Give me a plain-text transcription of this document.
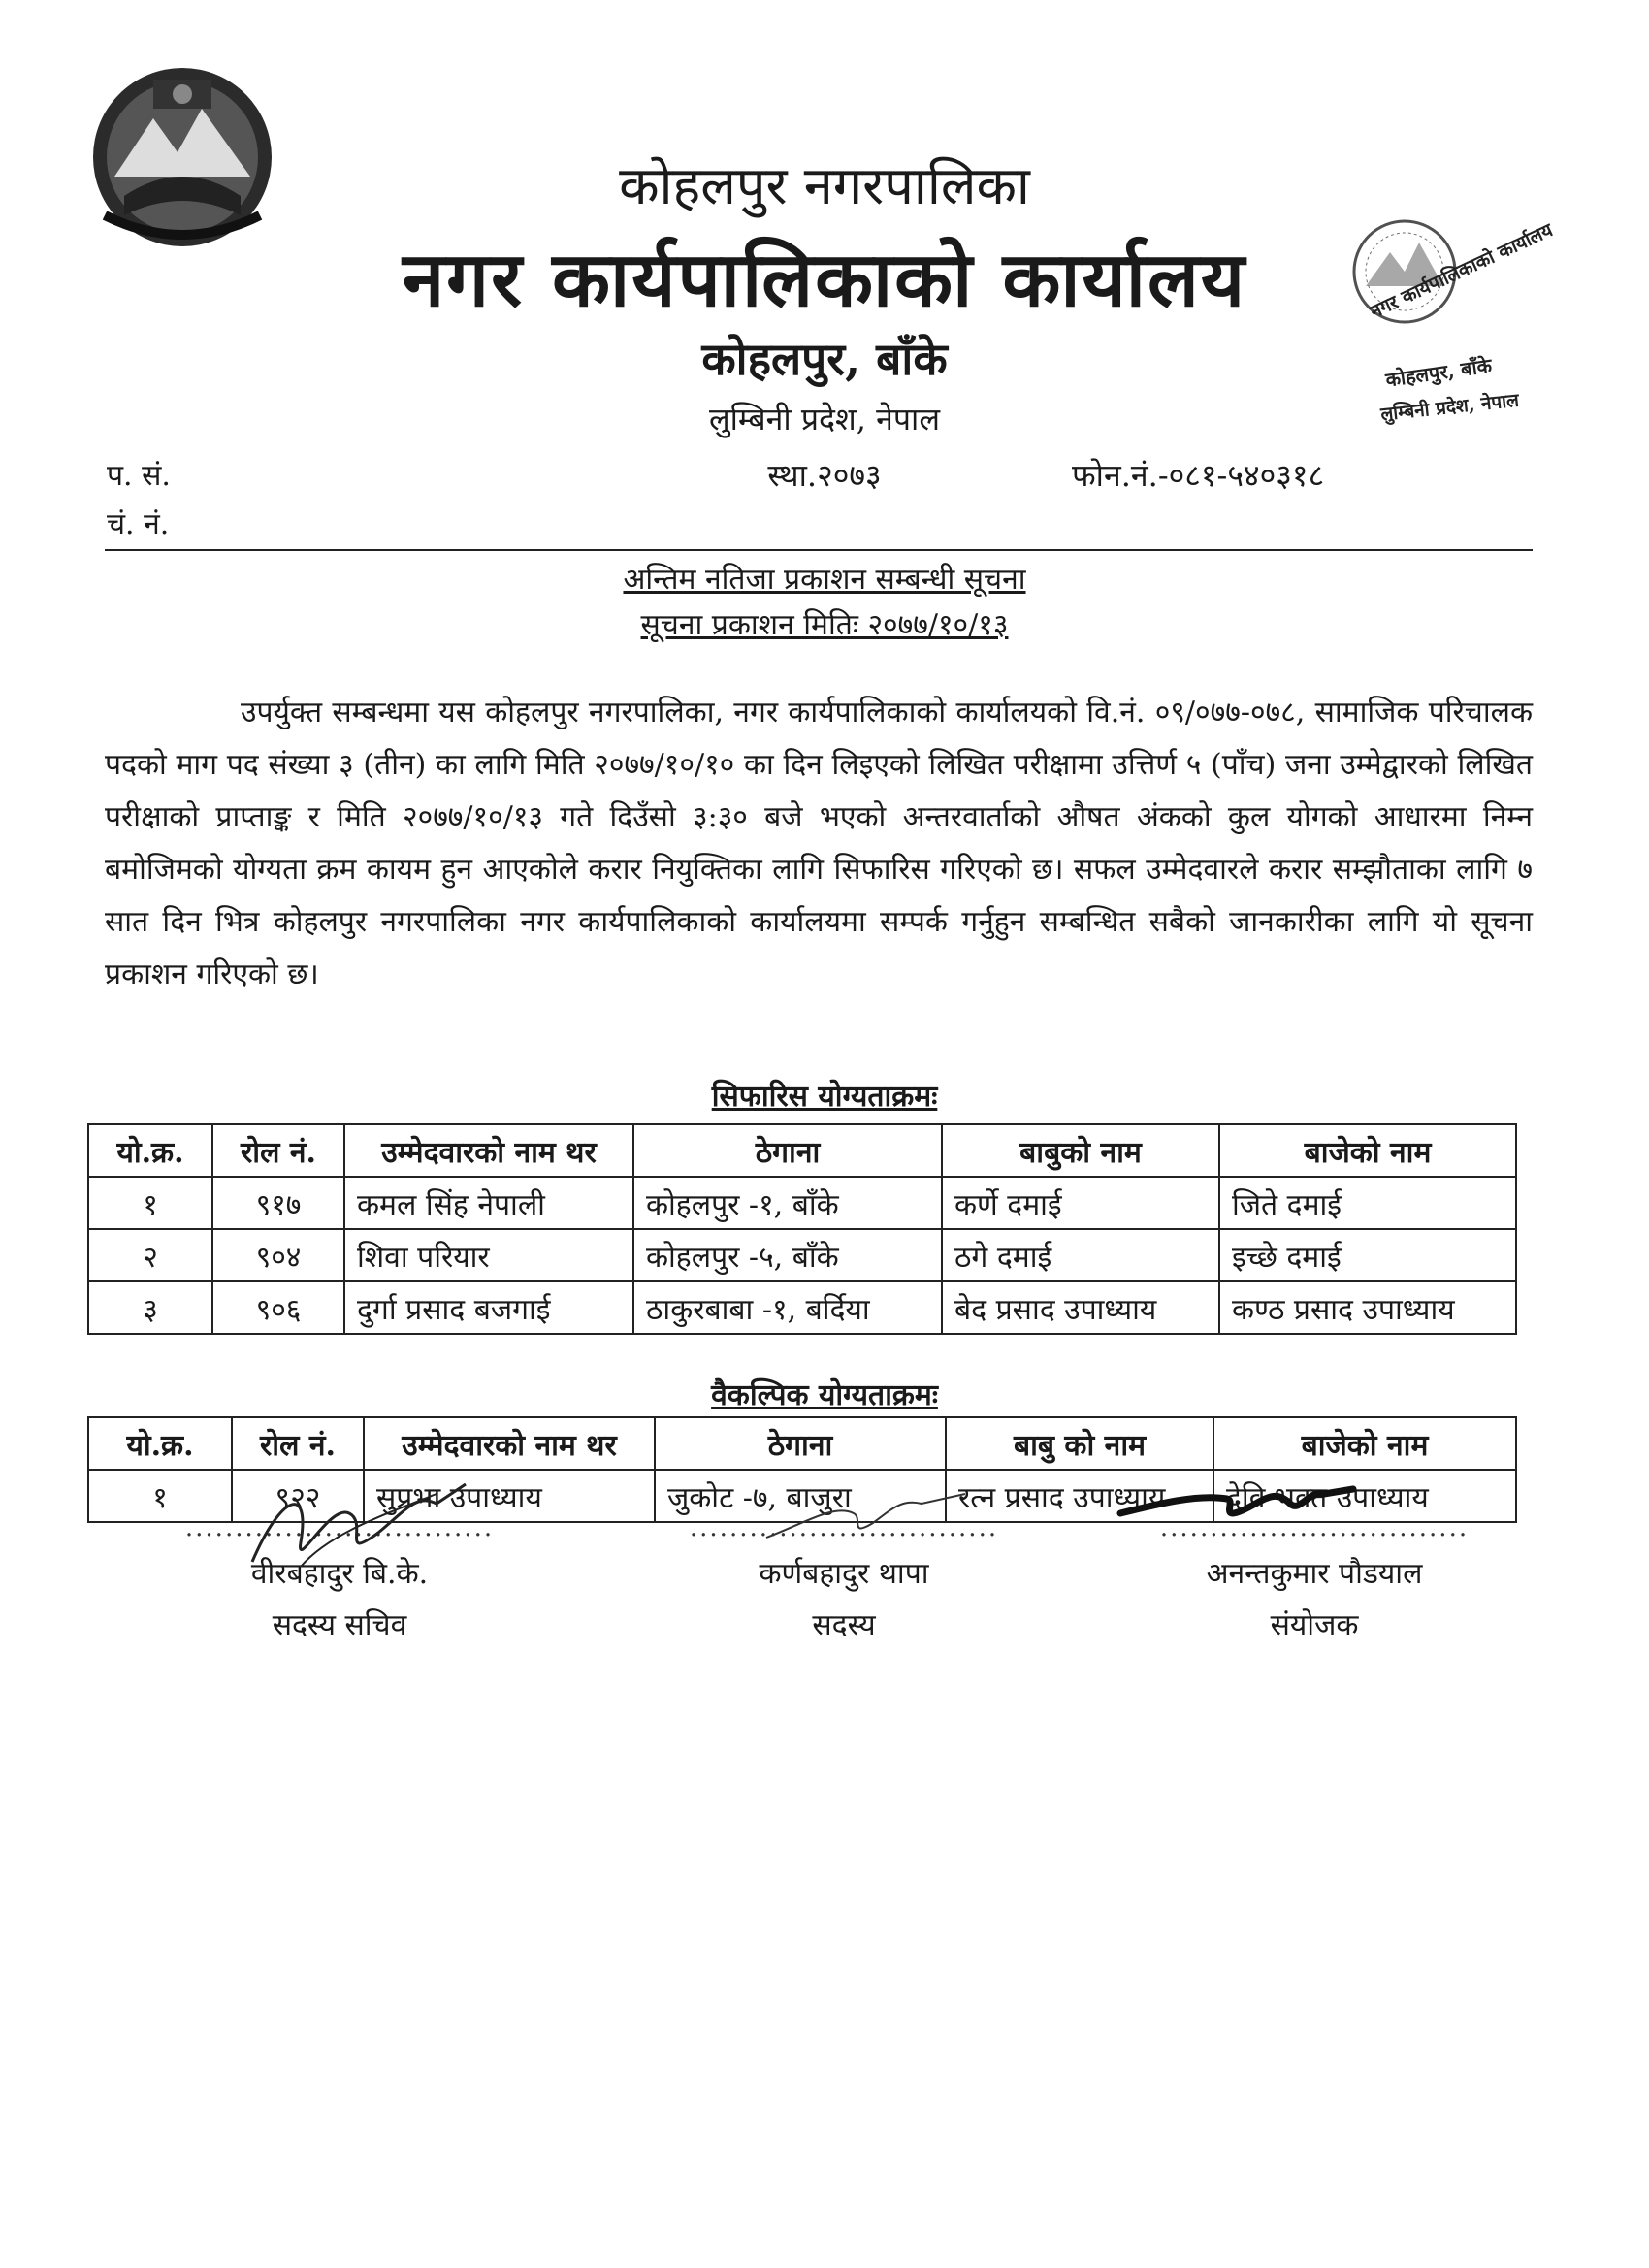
नगर कार्यपालिकाको कार्यालय
कोहलपुर, बाँके
लुम्बिनी प्रदेश, नेपाल
कोहलपुर नगरपालिका
नगर कार्यपालिकाको कार्यालय
कोहलपुर, बाँके
लुम्बिनी प्रदेश, नेपाल
प. सं.
चं. नं.
स्था.२०७३	फोन.नं.-०८१-५४०३१८
अन्तिम नतिजा प्रकाशन सम्बन्धी सूचना
सूचना प्रकाशन मितिः २०७७/१०/१३
उपर्युक्त सम्बन्धमा यस कोहलपुर नगरपालिका, नगर कार्यपालिकाको कार्यालयको वि.नं. ०९/०७७-०७८, सामाजिक परिचालक पदको माग पद संख्या ३ (तीन) का लागि मिति २०७७/१०/१० का दिन लिइएको लिखित परीक्षामा उत्तिर्ण ५ (पाँच) जना उम्मेद्वारको लिखित परीक्षाको प्राप्ताङ्क र मिति २०७७/१०/१३ गते दिउँसो ३:३० बजे भएको अन्तरवार्ताको औषत अंकको कुल योगको आधारमा निम्न बमोजिमको योग्यता क्रम कायम हुन आएकोले करार नियुक्तिका लागि सिफारिस गरिएको छ। सफल उम्मेदवारले करार सम्झौताका लागि ७ सात दिन भित्र कोहलपुर नगरपालिका नगर कार्यपालिकाको कार्यालयमा सम्पर्क गर्नुहुन सम्बन्धित सबैको जानकारीका लागि यो सूचना प्रकाशन गरिएको छ।
सिफारिस योग्यताक्रमः
यो.क्र.	रोल नं.	उम्मेदवारको नाम थर	ठेगाना	बाबुको नाम	बाजेको नाम
१	९१७	कमल सिंह नेपाली	कोहलपुर -१, बाँके	कर्णे दमाई	जिते दमाई
२	९०४	शिवा परियार	कोहलपुर -५, बाँके	ठगे दमाई	इच्छे दमाई
३	९०६	दुर्गा प्रसाद बजगाई	ठाकुरबाबा -१, बर्दिया	बेद प्रसाद उपाध्याय	कण्ठ प्रसाद उपाध्याय
वैकल्पिक योग्यताक्रमः
यो.क्र.	रोल नं.	उम्मेदवारको नाम थर	ठेगाना	बाबु को नाम	बाजेको नाम
१	९२२	सुप्रभा उपाध्याय	जुकोट -७, बाजुरा	रत्न प्रसाद उपाध्याय	देवि भक्त उपाध्याय
...............................
वीरबहादुर बि.के.
सदस्य सचिव
...............................
कर्णबहादुर थापा
सदस्य
...............................
अनन्तकुमार पौडयाल
संयोजक
